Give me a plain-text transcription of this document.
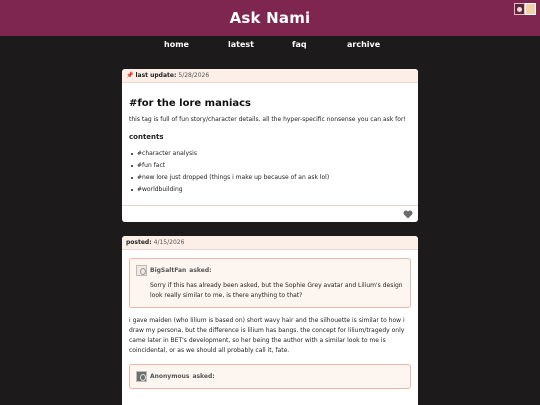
Ask Nami
home	latest	faq	archive
📌 last update: 5/28/2026
#for the lore maniacs

this tag is full of fun story/character details. all the hyper-specific nonsense you can ask for!

contents
#character analysis
#fun fact
#new lore just dropped (things i make up because of an ask lol)
#worldbuilding
posted: 4/15/2026
BigSaltFan asked:
Sorry if this has already been asked, but the Sophie Grey avatar and Lilium's design
look really similar to me, is there anything to that?
i gave maiden (who lilium is based on) short wavy hair and the silhouette is similar to how i
draw my persona, but the difference is lilium has bangs. the concept for lilium/tragedy only
came later in BET's development, so her being the author with a similar look to me is
coincidental, or as we should all probably call it, fate.
Anonymous asked:
